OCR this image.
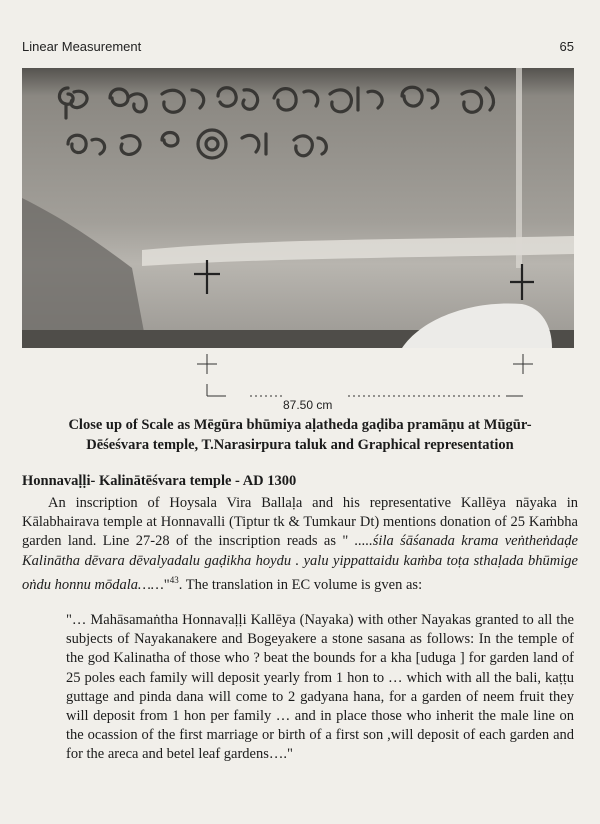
Linear Measurement	65
87.50 cm
Close up of Scale as Mēgūra bhūmiya aḷatheda gaḍiba pramāṇu at Mūgūr-
Dēśeśvara temple, T.Narasirpura taluk and Graphical representation
Honnavaḷḷi- Kalinātēśvara temple - AD 1300

An inscription of Hoysala Vira Ballaḷa and his representative Kallēya nāyaka in Kālabhairava temple at Honnavalli (Tiptur tk & Tumkaur Dt) mentions donation of 25 Kaṁbha garden land. Line 27-28 of the inscription reads as " .....śila śāśanada krama veṅtheṅdaḍe Kalinātha dēvara dēvalyadalu gaḍikha hoydu . yalu yippattaidu kaṁba toṭa sthaḷada bhūmige oṅdu honnu mōdala……"$^{43}$. The translation in EC volume is gven as:

"… Mahāsamaṅtha Honnavaḷḷi Kallēya (Nayaka) with other Nayakas granted to all the subjects of Nayakanakere and Bogeyakere a stone sasana as follows: In the temple of the god Kalinatha of those who ? beat the bounds for a kha [uduga ] for garden land of 25 poles each family will deposit yearly from 1 hon to … which with all the bali, kaṭṭu guttage and pinda dana will come to 2 gadyana hana, for a garden of neem fruit they will deposit from 1 hon per family … and in place those who inherit the male line on the ocassion of the first marriage or birth of a first son ,will deposit of each garden and for the areca and betel leaf gardens…."
